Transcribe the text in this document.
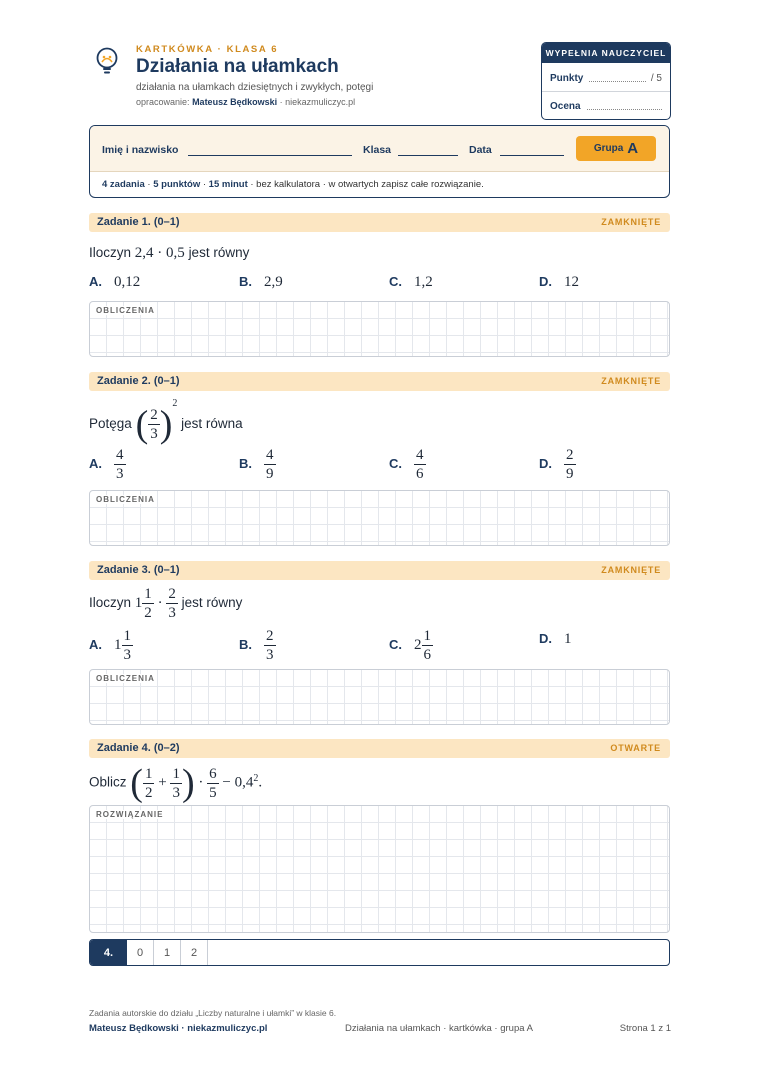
KARTKÓWKA · KLASA 6
Działania na ułamkach
działania na ułamkach dziesiętnych i zwykłych, potęgi
opracowanie: Mateusz Będkowski · niekazmuliczyc.pl
WYPEŁNIA NAUCZYCIEL
Punkty	/ 5
Ocena
Imię i nazwisko	Klasa	Data	Grupa A
4 zadania · 5 punktów · 15 minut · bez kalkulatora · w otwartych zapisz całe rozwiązanie.
Zadanie 1. (0–1)	ZAMKNIĘTE
Iloczyn 2,4 · 0,5 jest równy
A. 0,12	B. 2,9	C. 1,2	D. 12
OBLICZENIA
Zadanie 2. (0–1)	ZAMKNIĘTE
Potęga ( $\frac{2}{3} )^2$ jest równa
A. $\frac{4}{3}$	B. $\frac{4}{9}$	C. $\frac{4}{6}$	D. $\frac{2}{9}$
OBLICZENIA
Zadanie 3. (0–1)	ZAMKNIĘTE
Iloczyn $1 \frac{1}{2} \cdot \frac{2}{3}$ jest równy
A. $1 \frac{1}{3}$	B. $\frac{2}{3}$	C. $2 \frac{1}{6}$	D. 1
OBLICZENIA
Zadanie 4. (0–2)	OTWARTE
Oblicz ( $\frac{1}{2} + \frac{1}{3}$ ) · $\frac{6}{5} - 0,4^2$.
ROZWIĄZANIE
4.	0	1	2
Zadania autorskie do działu „Liczby naturalne i ułamki” w klasie 6.
Mateusz Będkowski · niekazmuliczyc.pl	Działania na ułamkach · kartkówka · grupa A	Strona 1 z 1
